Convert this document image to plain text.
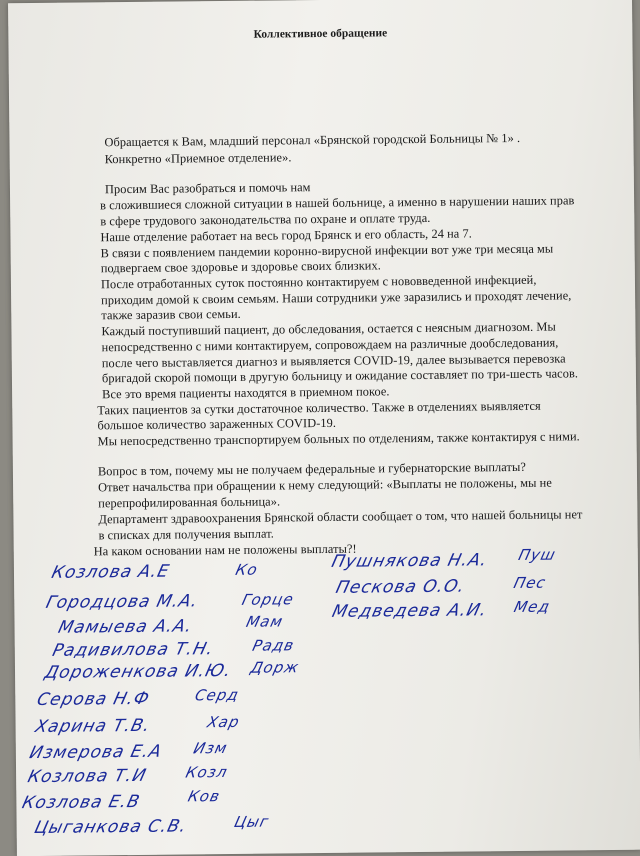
Коллективное обращение
Обращается к Вам, младший персонал «Брянской городской Больницы № 1» .
Конкретно «Приемное отделение».
Просим Вас разобраться и помочь нам
в сложившиеся сложной ситуации в нашей больнице, а именно в нарушении наших прав
в сфере трудового законодательства по охране и оплате труда.
Наше отделение работает на весь город Брянск и его область, 24 на 7.
В связи с появлением пандемии коронно-вирусной инфекции вот уже три месяца мы
подвергаем свое здоровье и здоровье своих близких.
После отработанных суток постоянно контактируем с нововведенной инфекцией,
приходим домой к своим семьям. Наши сотрудники уже заразились и проходят лечение,
также заразив свои семьи.
Каждый поступивший пациент, до обследования, остается с неясным диагнозом. Мы
непосредственно с ними контактируем, сопровождаем на различные дообследования,
после чего выставляется диагноз и выявляется COVID-19, далее вызывается перевозка
бригадой скорой помощи в другую больницу и ожидание составляет по три-шесть часов.
Все это время пациенты находятся в приемном покое.
Таких пациентов за сутки достаточное количество. Также в отделениях выявляется
большое количество зараженных COVID-19.
Мы непосредственно транспортируем больных по отделениям, также контактируя с ними.
Вопрос в том, почему мы не получаем федеральные и губернаторские выплаты?
Ответ начальства при обращении к нему следующий: «Выплаты не положены, мы не
перепрофилированная больница».
Департамент здравоохранения Брянской области сообщает о том, что нашей больницы нет
в списках для получения выплат.
На каком основании нам не положены выплаты?!
Козлова А.Е	Ко
Городцова М.А.	Горце
Мамыева А.А.	Мам
Радивилова Т.Н. Радв
Дороженкова И.Ю. Дорж
Серова Н.Ф	Серд
Харина Т.В.	Хар
Измерова Е.А Изм
Козлова Т.И Козл
Козлова Е.В	Ков
Цыганкова С.В.	Цыг
Пушнякова Н.А. Пуш
Пескова О.О.	Пес
Медведева А.И. Мед
